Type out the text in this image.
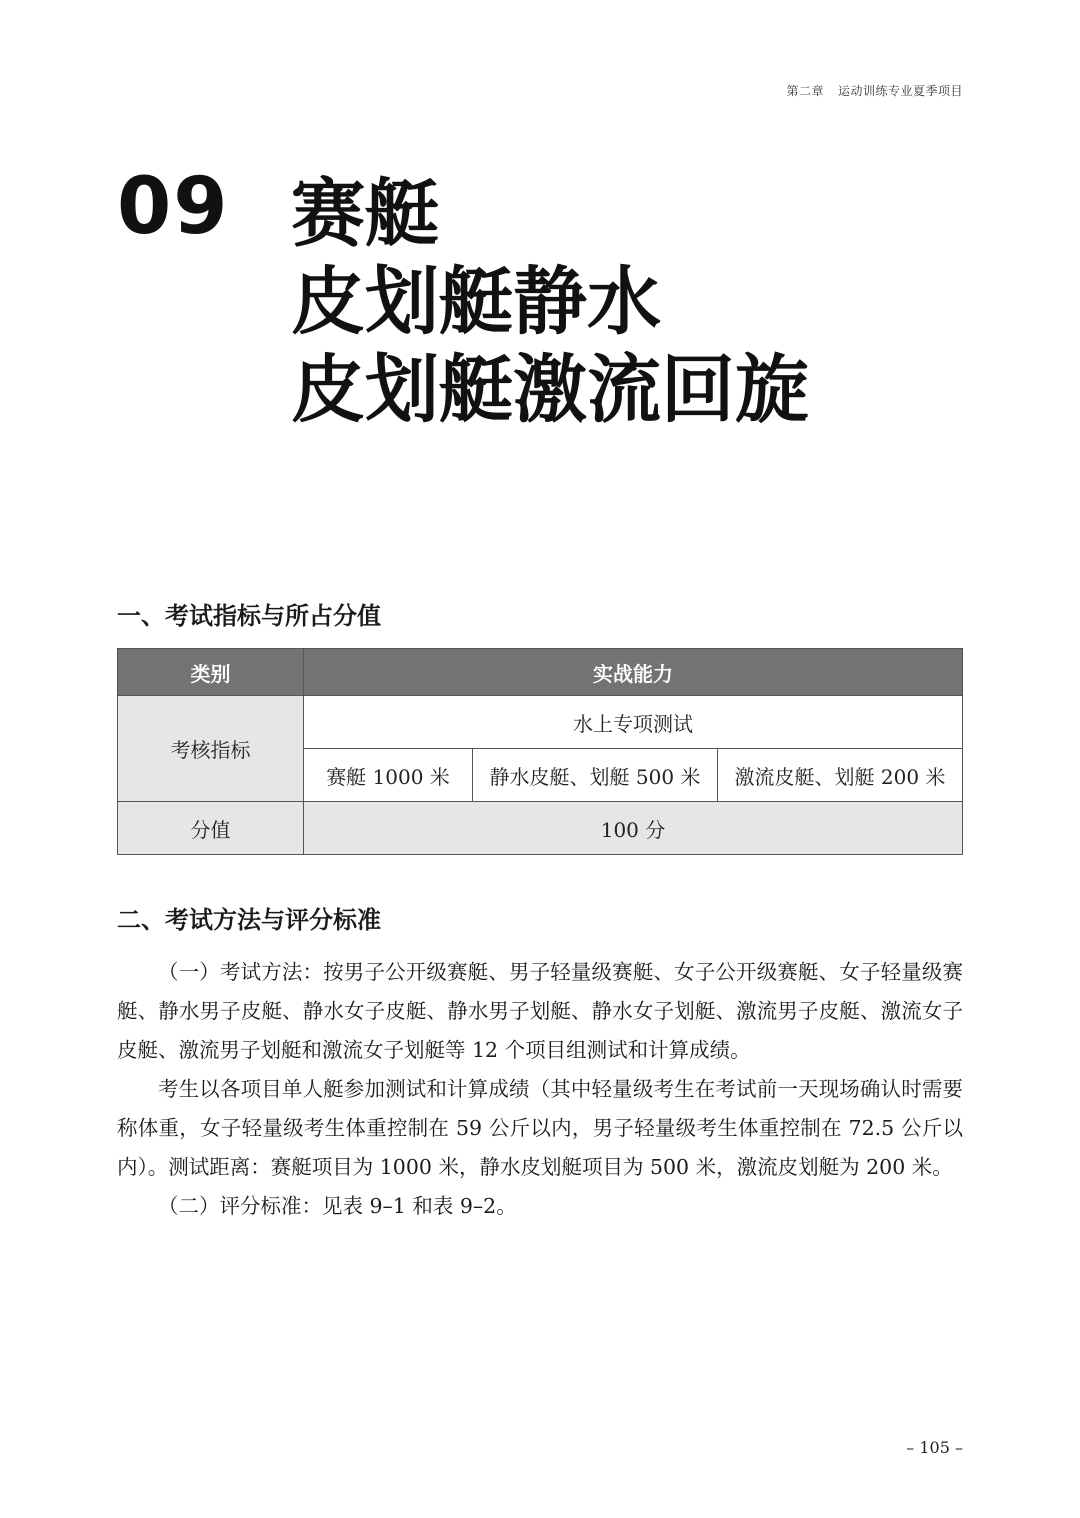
第二章 运动训练专业夏季项目
09 赛艇
皮划艇静水
皮划艇激流回旋
一、考试指标与所占分值
类别	实战能力		
考核指标	水上专项测试		
	赛艇 1000 米	静水皮艇、划艇 500 米	激流皮艇、划艇 200 米
分值	100 分		
二、考试方法与评分标准

（一）考试方法：按男子公开级赛艇、男子轻量级赛艇、女子公开级赛艇、女子轻量级赛艇、静水男子皮艇、静水女子皮艇、静水男子划艇、静水女子划艇、激流男子皮艇、激流女子皮艇、激流男子划艇和激流女子划艇等 12 个项目组测试和计算成绩。

考生以各项目单人艇参加测试和计算成绩（其中轻量级考生在考试前一天现场确认时需要称体重，女子轻量级考生体重控制在 59 公斤以内，男子轻量级考生体重控制在 72.5 公斤以内）。测试距离：赛艇项目为 1000 米，静水皮划艇项目为 500 米，激流皮划艇为 200 米。

（二）评分标准：见表 9–1 和表 9–2。

– 105 –
